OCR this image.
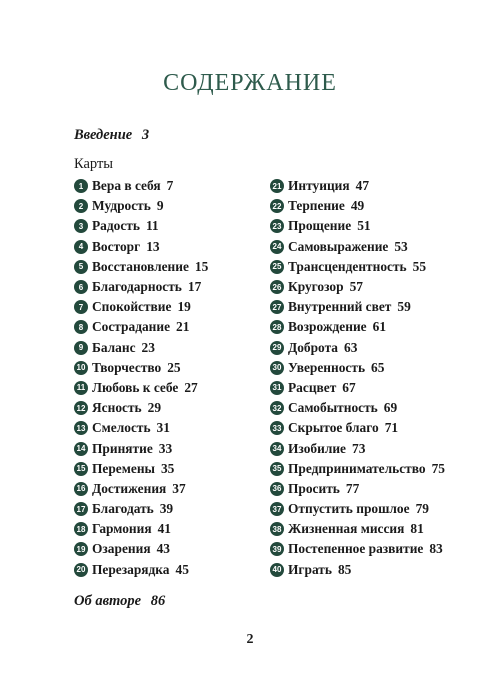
СОДЕРЖАНИЕ
Введение 3
Карты
1 Вера в себя 7
2 Мудрость 9
3 Радость 11
4 Восторг 13
5 Восстановление 15
6 Благодарность 17
7 Спокойствие 19
8 Сострадание 21
9 Баланс 23
10 Творчество 25
11 Любовь к себе 27
12 Ясность 29
13 Смелость 31
14 Принятие 33
15 Перемены 35
16 Достижения 37
17 Благодать 39
18 Гармония 41
19 Озарения 43
20 Перезарядка 45
21 Интуиция 47
22 Терпение 49
23 Прощение 51
24 Самовыражение 53
25 Трансцендентность 55
26 Кругозор 57
27 Внутренний свет 59
28 Возрождение 61
29 Доброта 63
30 Уверенность 65
31 Расцвет 67
32 Самобытность 69
33 Скрытое благо 71
34 Изобилие 73
35 Предпринимательство 75
36 Просить 77
37 Отпустить прошлое 79
38 Жизненная миссия 81
39 Постепенное развитие 83
40 Играть 85
Об авторе 86
2
